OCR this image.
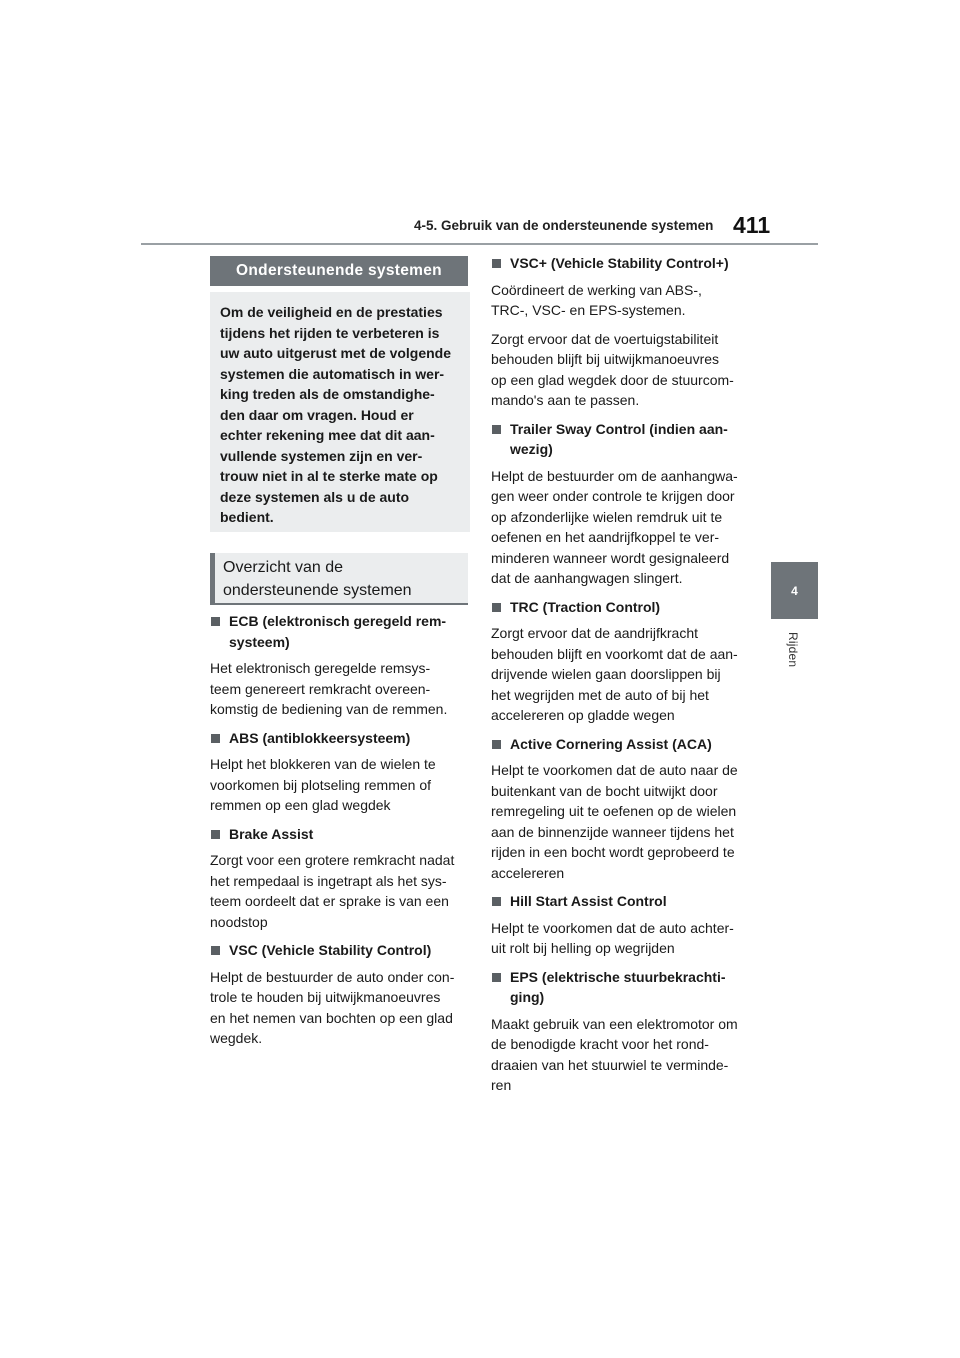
4-5. Gebruik van de ondersteunende systemen 411
4
Rijden
Ondersteunende systemen
Om de veiligheid en de prestaties
tijdens het rijden te verbeteren is
uw auto uitgerust met de volgende
systemen die automatisch in wer-
king treden als de omstandighe-
den daar om vragen. Houd er
echter rekening mee dat dit aan-
vullende systemen zijn en ver-
trouw niet in al te sterke mate op
deze systemen als u de auto
bedient.
Overzicht van de
ondersteunende systemen
ECB (elektronisch geregeld rem-
systeem)

Het elektronisch geregelde remsys-

teem genereert remkracht overeen-

komstig de bediening van de remmen.

ABS (antiblokkeersysteem)

Helpt het blokkeren van de wielen te

voorkomen bij plotseling remmen of

remmen op een glad wegdek

Brake Assist

Zorgt voor een grotere remkracht nadat

het rempedaal is ingetrapt als het sys-

teem oordeelt dat er sprake is van een

noodstop

VSC (Vehicle Stability Control)

Helpt de bestuurder de auto onder con-

trole te houden bij uitwijkmanoeuvres

en het nemen van bochten op een glad

wegdek.

VSC+ (Vehicle Stability Control+)

Coördineert de werking van ABS-,

TRC-, VSC- en EPS-systemen.

Zorgt ervoor dat de voertuigstabiliteit

behouden blijft bij uitwijkmanoeuvres

op een glad wegdek door de stuurcom-

mando's aan te passen.

Trailer Sway Control (indien aan-
wezig)

Helpt de bestuurder om de aanhangwa-

gen weer onder controle te krijgen door

op afzonderlijke wielen remdruk uit te

oefenen en het aandrijfkoppel te ver-

minderen wanneer wordt gesignaleerd

dat de aanhangwagen slingert.

TRC (Traction Control)

Zorgt ervoor dat de aandrijfkracht

behouden blijft en voorkomt dat de aan-

drijvende wielen gaan doorslippen bij

het wegrijden met de auto of bij het

accelereren op gladde wegen

Active Cornering Assist (ACA)

Helpt te voorkomen dat de auto naar de

buitenkant van de bocht uitwijkt door

remregeling uit te oefenen op de wielen

aan de binnenzijde wanneer tijdens het

rijden in een bocht wordt geprobeerd te

accelereren

Hill Start Assist Control

Helpt te voorkomen dat de auto achter-

uit rolt bij helling op wegrijden

EPS (elektrische stuurbekrachti-
ging)

Maakt gebruik van een elektromotor om

de benodigde kracht voor het rond-

draaien van het stuurwiel te verminde-

ren
